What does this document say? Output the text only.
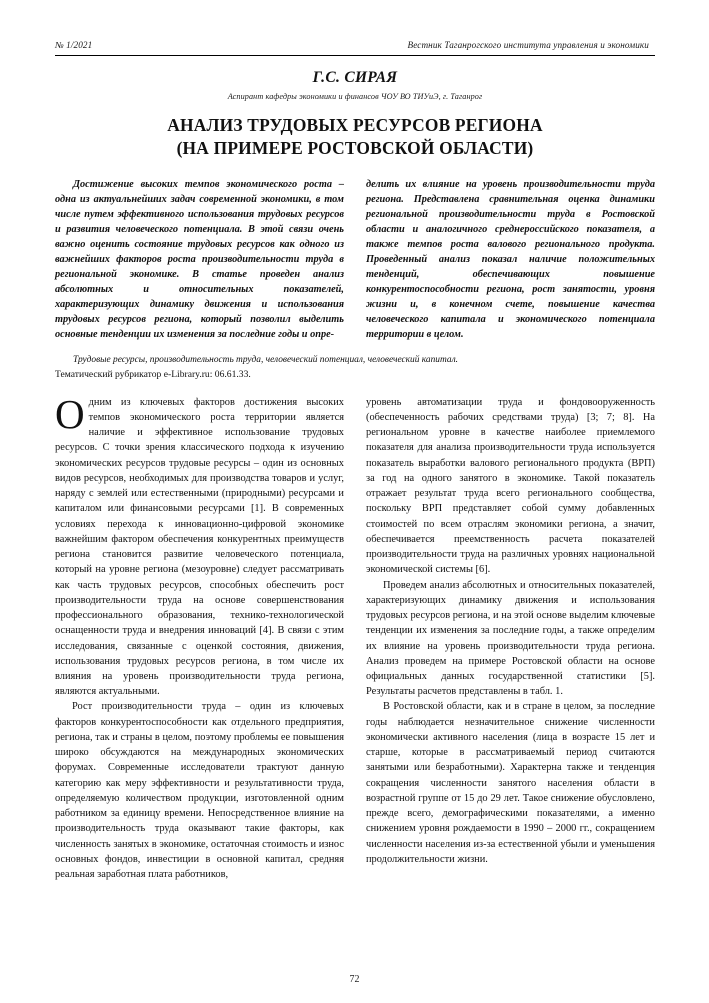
№ 1/2021	Вестник Таганрогского института управления и экономики
Г.С. СИРАЯ
Аспирант кафедры экономики и финансов ЧОУ ВО ТИУиЭ, г. Таганрог
АНАЛИЗ ТРУДОВЫХ РЕСУРСОВ РЕГИОНА
(НА ПРИМЕРЕ РОСТОВСКОЙ ОБЛАСТИ)

Достижение высоких темпов экономического роста – одна из актуальнейших задач современной экономики, в том числе путем эффективного использования трудовых ресурсов и развития человеческого потенциала. В этой связи очень важно оценить состояние трудовых ресурсов как одного из важнейших факторов роста производительности труда в региональной экономике. В статье проведен анализ абсолютных и относительных показателей, характеризующих динамику движения и использования трудовых ресурсов региона, который позволил выделить основные тенденции их изменения за последние годы и опре-

делить их влияние на уровень производительности труда региона. Представлена сравнительная оценка динамики региональной производительности труда в Ростовской области и аналогичного среднероссийского показателя, а также темпов роста валового регионального продукта. Проведенный анализ показал наличие положительных тенденций, обеспечивающих повышение конкурентоспособности региона, рост занятости, уровня жизни и, в конечном счете, повышение качества человеческого капитала и экономического потенциала территории в целом.

Трудовые ресурсы, производительность труда, человеческий потенциал, человеческий капитал.

Тематический рубрикатор e-Library.ru: 06.61.33.

Одним из ключевых факторов достижения высоких темпов экономического роста территории является наличие и эффективное использование трудовых ресурсов. С точки зрения классического подхода к изучению экономических ресурсов трудовые ресурсы – один из основных видов ресурсов, необходимых для производства товаров и услуг, наряду с землей или естественными (природными) ресурсами и капиталом или финансовыми ресурсами [1]. В современных условиях перехода к инновационно-цифровой экономике важнейшим фактором обеспечения конкурентных преимуществ региона становится развитие человеческого потенциала, который на уровне региона (мезоуровне) следует рассматривать как часть трудовых ресурсов, способных обеспечить рост производительности труда на основе совершенствования профессионального образования, технико-технологической оснащенности труда и внедрения инноваций [4]. В связи с этим исследования, связанные с оценкой состояния, движения, использования трудовых ресурсов региона, в том числе их влияния на уровень производительности труда региона, являются актуальными.

Рост производительности труда – один из ключевых факторов конкурентоспособности как отдельного предприятия, региона, так и страны в целом, поэтому проблемы ее повышения широко обсуждаются на международных экономических форумах. Современные исследователи трактуют данную категорию как меру эффективности и результативности труда, определяемую количеством продукции, изготовленной одним работником за единицу времени. Непосредственное влияние на производительность труда оказывают такие факторы, как численность занятых в экономике, остаточная стоимость и износ основных фондов, инвестиции в основной капитал, средняя реальная заработная плата работников,

уровень автоматизации труда и фондовооруженность (обеспеченность рабочих средствами труда) [3; 7; 8]. На региональном уровне в качестве наиболее приемлемого показателя для анализа производительности труда используется показатель выработки валового регионального продукта (ВРП) за год на одного занятого в экономике. Такой показатель отражает результат труда всего регионального сообщества, поскольку ВРП представляет собой сумму добавленных стоимостей по всем отраслям экономики региона, а значит, обеспечивается преемственность расчета показателей производительности труда на различных уровнях национальной экономической системы [6].

Проведем анализ абсолютных и относительных показателей, характеризующих динамику движения и использования трудовых ресурсов региона, и на этой основе выделим ключевые тенденции их изменения за последние годы, а также определим их влияние на уровень производительности труда региона. Анализ проведем на примере Ростовской области на основе официальных данных государственной статистики [5]. Результаты расчетов представлены в табл. 1.

В Ростовской области, как и в стране в целом, за последние годы наблюдается незначительное снижение численности экономически активного населения (лица в возрасте 15 лет и старше, которые в рассматриваемый период считаются занятыми или безработными). Характерна также и тенденция сокращения численности занятого населения области в возрастной группе от 15 до 29 лет. Такое снижение обусловлено, прежде всего, демографическими показателями, а именно снижением уровня рождаемости в 1990 – 2000 гг., сокращением численности населения из-за естественной убыли и уменьшения продолжительности жизни.

72
